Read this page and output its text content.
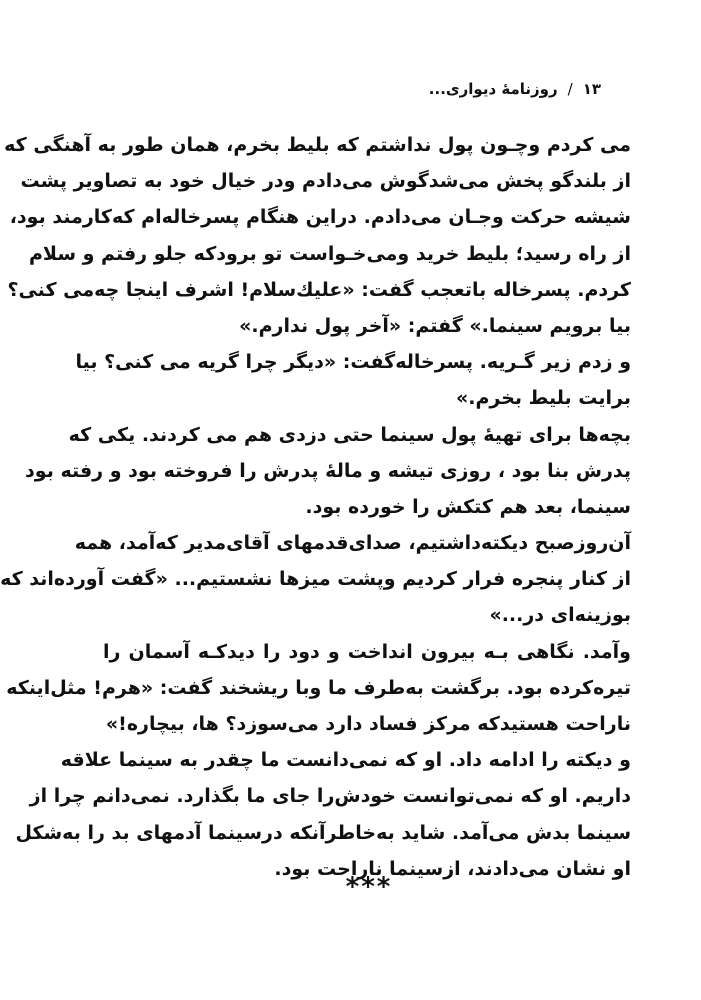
۱۳
/
روزنامهٔ دیواری...
می کردم وچـون پول نداشتم که بلیط بخرم، همان طور به آهنگی که
از بلندگو پخش می‌شدگوش می‌دادم ودر خیال خود به تصاویر پشت
شیشه حرکت وجـان می‌دادم. دراین هنگام پسرخاله‌ام که‌کارمند بود،
از راه رسید؛ بلیط خرید ومی‌خـواست تو برودکه جلو رفتم و سلام
کردم. پسرخاله باتعجب گفت: «علیك‌سلام! اشرف اینجا چه‌می کنی؟
بیا برویم سینما.» گفتم: «آخر پول ندارم.»
و زدم زیر گـریه. پسرخاله‌گفت: «دیگر چرا گریه می کنی؟ بیا
برایت بلیط بخرم.»
بچه‌ها برای تهیهٔ پول سینما حتی دزدی هم می کردند. یکی که
پدرش بنا بود ، روزی تیشه و ماله‌ٔ پدرش را فروخته بود و رفته بود
سینما، بعد هم کتکش را خورده بود.
آن‌روزصبح دیکته‌داشتیم، صدای‌قدمهای آقای‌مدیر که‌آمد، همه
از کنار پنجره فرار کردیم وپشت میزها نشستیم... «گفت آورده‌اند که
بوزینه‌ای در...»
وآمد. نگاهی بـه بیرون انداخت و دود را دیدکـه آسمان را
تیره‌کرده بود. برگشت به‌طرف ما وبا ریشخند گفت: «هرم! مثل‌اینکه
ناراحت هستیدکه مرکز فساد دارد می‌سوزد؟ ها، بیچاره!»
و دیکته را ادامه داد. او که نمی‌دانست ما چقدر به سینما علاقه
داریم. او که نمی‌توانست خودش‌را جای ما بگذارد. نمی‌دانم چرا از
سینما بدش می‌آمد. شاید به‌خاطرآنکه درسینما آدمهای بد را به‌شکل
او نشان می‌دادند، ازسینما ناراحت بود.
***
